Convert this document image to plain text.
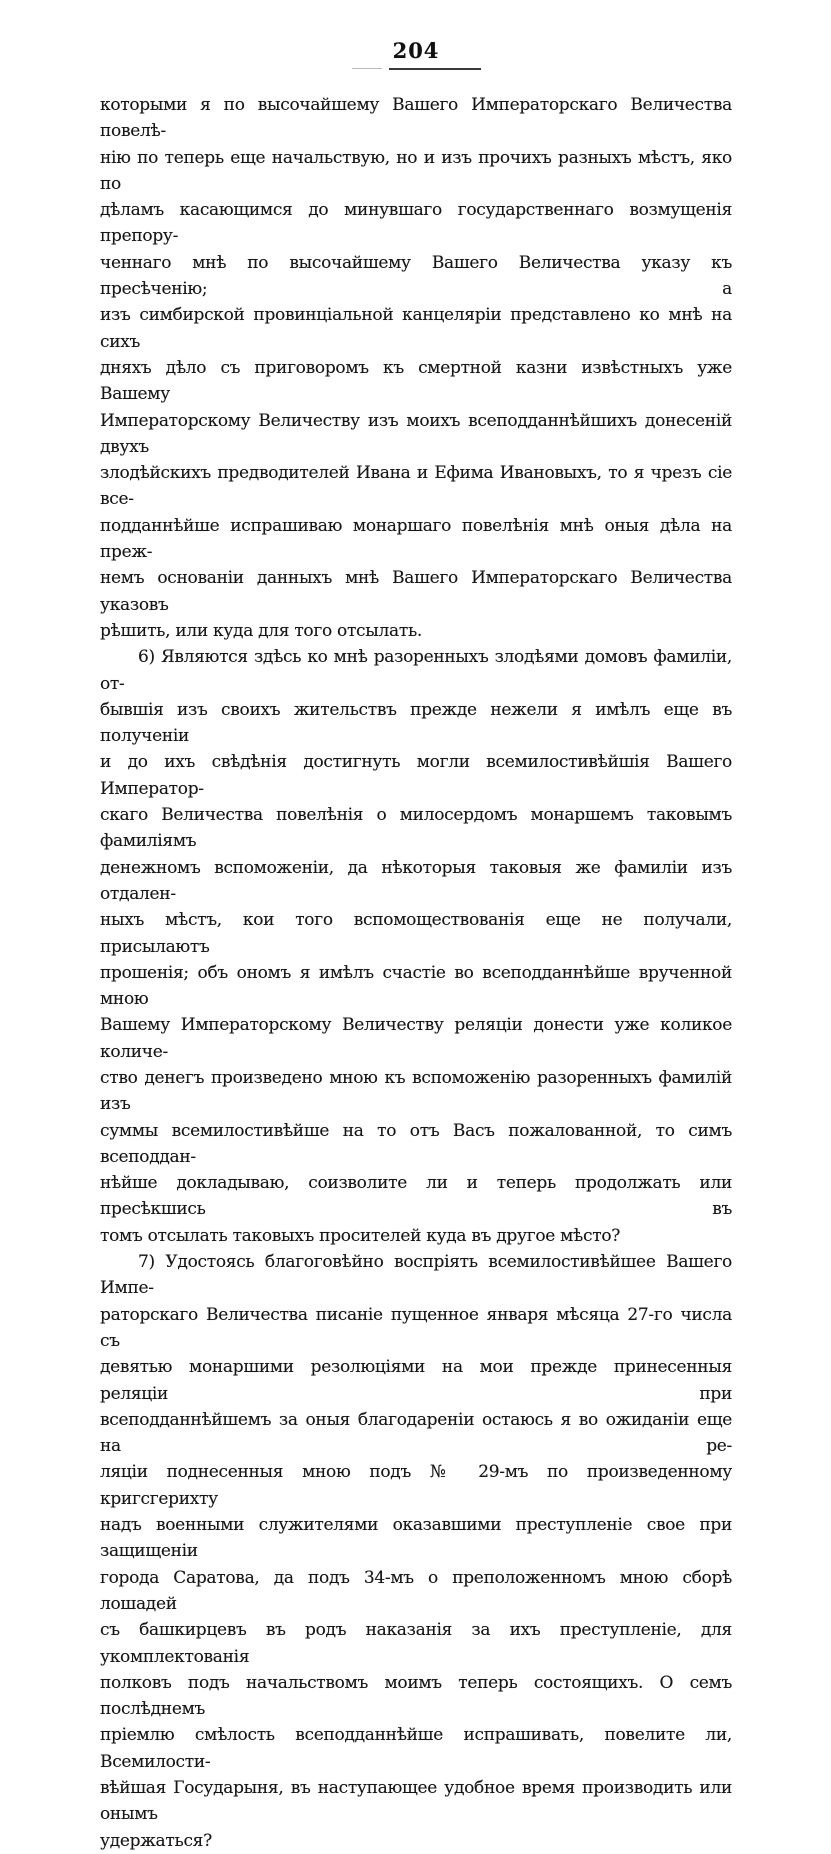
204

которыми я по высочайшему Вашего Императорскаго Величества повелѣ-
нію по теперь еще начальствую, но и изъ прочихъ разныхъ мѣстъ, яко по
дѣламъ касающимся до минувшаго государственнаго возмущенія препору-
ченнаго мнѣ по высочайшему Вашего Величества указу къ пресѣченію; а
изъ симбирской провинціальной канцеляріи представлено ко мнѣ на сихъ
дняхъ дѣло съ приговоромъ къ смертной казни извѣстныхъ уже Вашему
Императорскому Величеству изъ моихъ всеподданнѣйшихъ донесеній двухъ
злодѣйскихъ предводителей Ивана и Ефима Ивановыхъ, то я чрезъ сіе все-
подданнѣйше испрашиваю монаршаго повелѣнія мнѣ оныя дѣла на преж-
немъ основаніи данныхъ мнѣ Вашего Императорскаго Величества указовъ
рѣшить, или куда для того отсылать.

6) Являются здѣсь ко мнѣ разоренныхъ злодѣями домовъ фамиліи, от-
бывшія изъ своихъ жительствъ прежде нежели я имѣлъ еще въ полученіи
и до ихъ свѣдѣнія достигнуть могли всемилостивѣйшія Вашего Император-
скаго Величества повелѣнія о милосердомъ монаршемъ таковымъ фамиліямъ
денежномъ вспоможеніи, да нѣкоторыя таковыя же фамиліи изъ отдален-
ныхъ мѣстъ, кои того вспомоществованія еще не получали, присылаютъ
прошенія; объ ономъ я имѣлъ счастіе во всеподданнѣйше врученной мною
Вашему Императорскому Величеству реляціи донести уже коликое количе-
ство денегъ произведено мною къ вспоможенію разоренныхъ фамилій изъ
суммы всемилостивѣйше на то отъ Васъ пожалованной, то симъ всеподдан-
нѣйше докладываю, соизволите ли и теперь продолжать или пресѣкшись въ
томъ отсылать таковыхъ просителей куда въ другое мѣсто?

7) Удостоясь благоговѣйно воспріять всемилостивѣйшее Вашего Импе-
раторскаго Величества писаніе пущенное января мѣсяца 27-го числа съ
девятью монаршими резолюціями на мои прежде принесенныя реляціи при
всеподданнѣйшемъ за оныя благодареніи остаюсь я во ожиданіи еще на ре-
ляціи поднесенныя мною подъ № 29-мъ по произведенному кригсгерихту
надъ военными служителями оказавшими преступленіе свое при защищеніи
города Саратова, да подъ 34-мъ о преположенномъ мною сборѣ лошадей
съ башкирцевъ въ родъ наказанія за ихъ преступленіе, для укомплектованія
полковъ подъ начальствомъ моимъ теперь состоящихъ. О семъ послѣднемъ
пріемлю смѣлость всеподданнѣйше испрашивать, повелите ли, Всемилости-
вѣйшая Государыня, въ наступающее удобное время производить или онымъ
удержаться?
